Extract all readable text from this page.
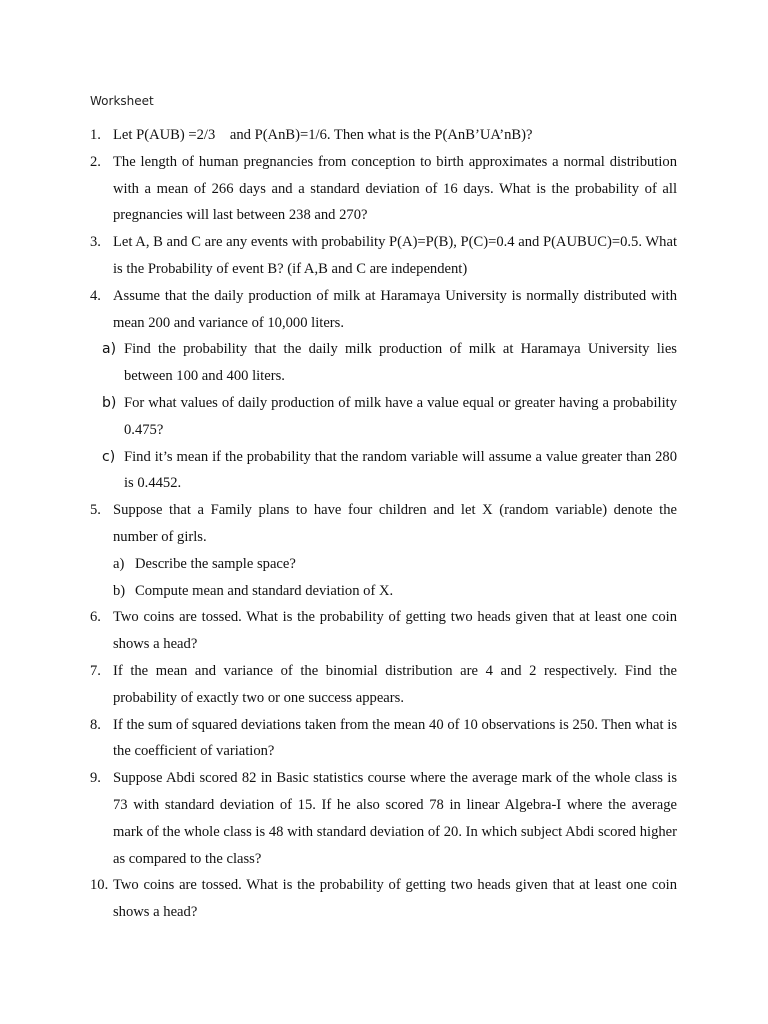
Worksheet
1. Let P(AUB) =2/3    and P(AnB)=1/6. Then what is the P(AnB’UA’nB)?
2. The length of human pregnancies from conception to birth approximates a normal distribution with a mean of 266 days and a standard deviation of 16 days. What is the probability of all pregnancies will last between 238 and 270?
3. Let A, B and C are any events with probability P(A)=P(B), P(C)=0.4 and P(AUBUC)=0.5. What is the Probability of event B? (if A,B and C are independent)
4. Assume that the daily production of milk at Haramaya University is normally distributed with mean 200 and variance of 10,000 liters.
a) Find the probability that the daily milk production of milk at Haramaya University lies between 100 and 400 liters.
b) For what values of daily production of milk have a value equal or greater having a probability 0.475?
c) Find it’s mean if the probability that the random variable will assume a value greater than 280 is 0.4452.
5. Suppose that a Family plans to have four children and let X (random variable) denote the number of girls.
a) Describe the sample space?
b) Compute mean and standard deviation of X.
6. Two coins are tossed. What is the probability of getting two heads given that at least one coin shows a head?
7. If the mean and variance of the binomial distribution are 4 and 2 respectively. Find the probability of exactly two or one success appears.
8. If the sum of squared deviations taken from the mean 40 of 10 observations is 250. Then what is the coefficient of variation?
9. Suppose Abdi scored 82 in Basic statistics course where the average mark of the whole class is 73 with standard deviation of 15. If he also scored 78 in linear Algebra-I where the average mark of the whole class is 48 with standard deviation of 20. In which subject Abdi scored higher as compared to the class?
10. Two coins are tossed. What is the probability of getting two heads given that at least one coin shows a head?
